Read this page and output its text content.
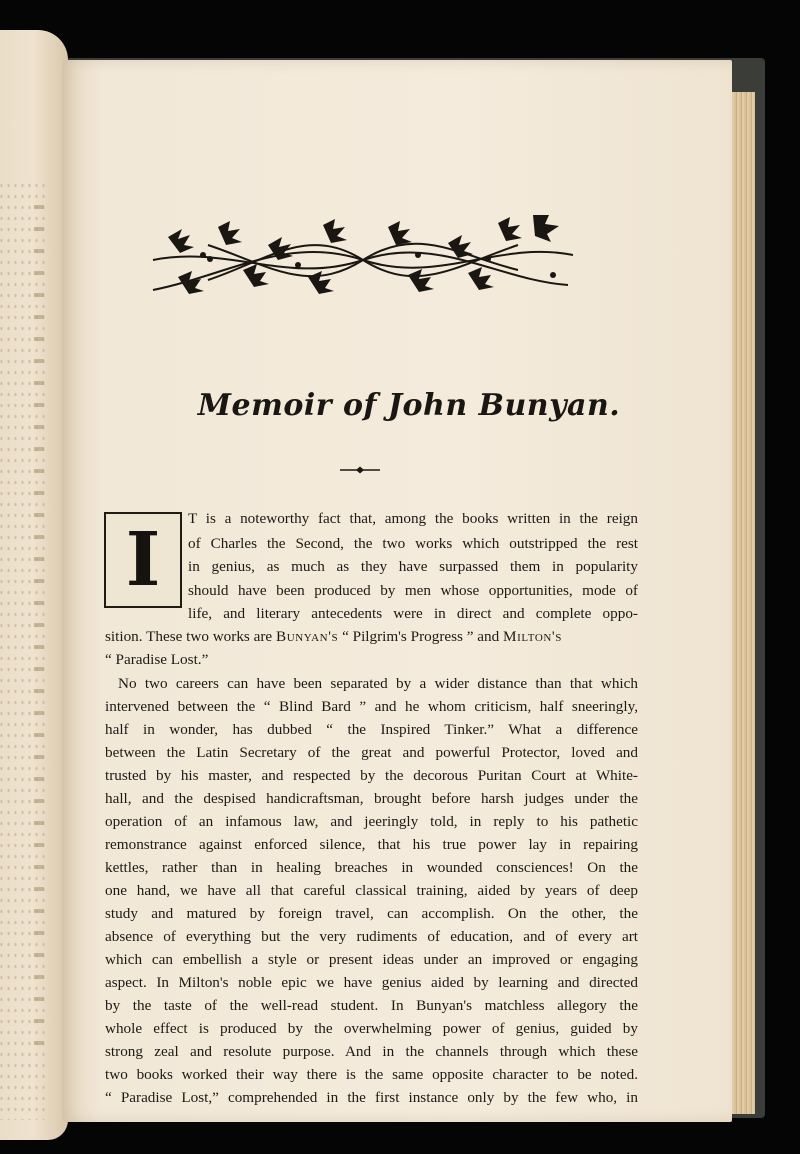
Memoir of John Bunyan.
I	T is a noteworthy fact that, among the books written in the reign
of Charles the Second, the two works which outstripped the rest
in genius, as much as they have surpassed them in popularity
should have been produced by men whose opportunities, mode of
life, and literary antecedents were in direct and complete oppo-
sition. These two works are Bunyan's “ Pilgrim's Progress ” and Milton's
“ Paradise Lost.”
No two careers can have been separated by a wider distance than that which
intervened between the “ Blind Bard ” and he whom criticism, half sneeringly,
half in wonder, has dubbed “ the Inspired Tinker.” What a difference
between the Latin Secretary of the great and powerful Protector, loved and
trusted by his master, and respected by the decorous Puritan Court at White-
hall, and the despised handicraftsman, brought before harsh judges under the
operation of an infamous law, and jeeringly told, in reply to his pathetic
remonstrance against enforced silence, that his true power lay in repairing
kettles, rather than in healing breaches in wounded consciences! On the
one hand, we have all that careful classical training, aided by years of deep
study and matured by foreign travel, can accomplish. On the other, the
absence of everything but the very rudiments of education, and of every art
which can embellish a style or present ideas under an improved or engaging
aspect. In Milton's noble epic we have genius aided by learning and directed
by the taste of the well-read student. In Bunyan's matchless allegory the
whole effect is produced by the overwhelming power of genius, guided by
strong zeal and resolute purpose. And in the channels through which these
two books worked their way there is the same opposite character to be noted.
“ Paradise Lost,” comprehended in the first instance only by the few who, in
